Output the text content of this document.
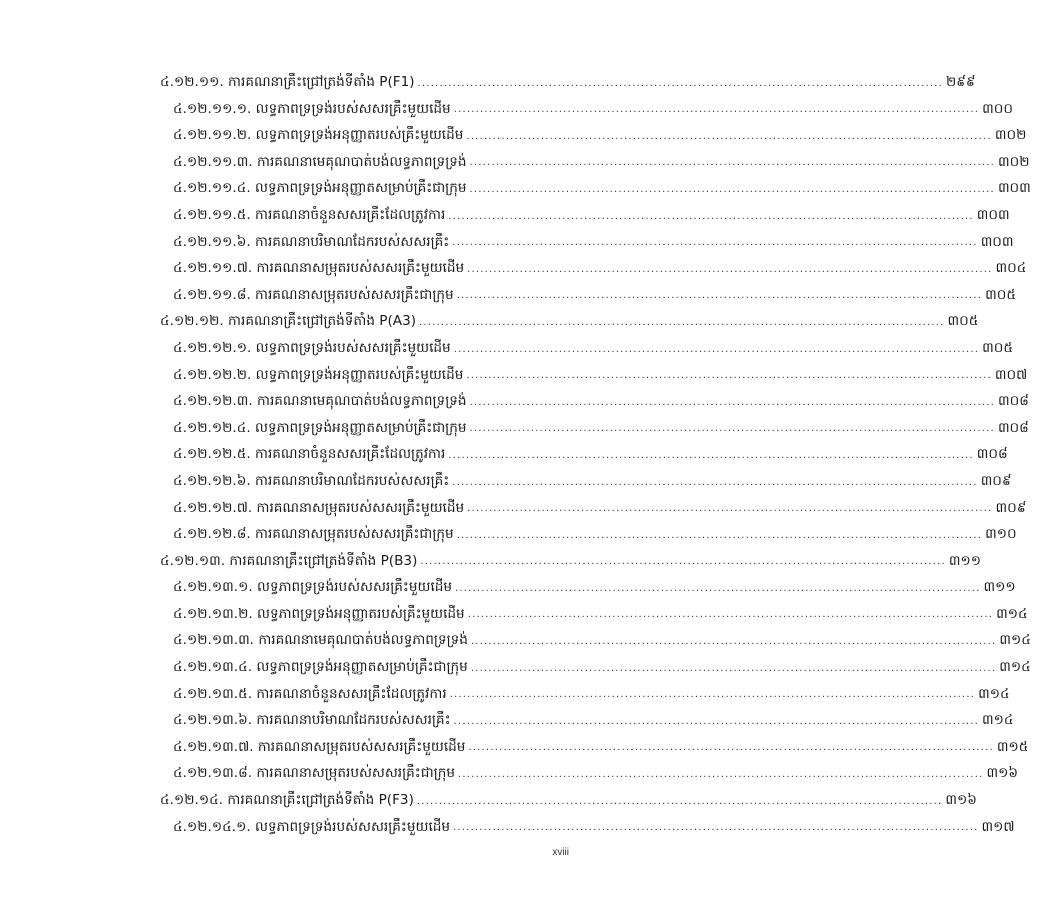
៤.១២.១១. ការគណនាគ្រឹះជ្រៅត្រង់ទីតាំង P(F1) ........................................................................................................................ ២៩៩
៤.១២.១១.១. លទ្ធភាពទ្រទ្រង់របស់សសរគ្រឹះមួយដើម ........................................................................................................................ ៣០០
៤.១២.១១.២. លទ្ធភាពទ្រទ្រង់អនុញ្ញាតរបស់គ្រឹះមួយដើម ........................................................................................................................ ៣០២
៤.១២.១១.៣. ការគណនាមេគុណបាត់បង់លទ្ធភាពទ្រទ្រង់ ........................................................................................................................ ៣០២
៤.១២.១១.៤. លទ្ធភាពទ្រទ្រង់អនុញ្ញាតសម្រាប់គ្រឹះជាក្រុម ........................................................................................................................ ៣០៣
៤.១២.១១.៥. ការគណនាចំនួនសសរគ្រឹះដែលត្រូវការ ........................................................................................................................ ៣០៣
៤.១២.១១.៦. ការគណនាបរិមាណដែករបស់សសរគ្រឹះ ........................................................................................................................ ៣០៣
៤.១២.១១.៧. ការគណនាសម្រុតរបស់សសរគ្រឹះមួយដើម ........................................................................................................................ ៣០៤
៤.១២.១១.៨. ការគណនាសម្រុតរបស់សសរគ្រឹះជាក្រុម ........................................................................................................................ ៣០៥
៤.១២.១២. ការគណនាគ្រឹះជ្រៅត្រង់ទីតាំង P(A3) ........................................................................................................................ ៣០៥
៤.១២.១២.១. លទ្ធភាពទ្រទ្រង់របស់សសរគ្រឹះមួយដើម ........................................................................................................................ ៣០៥
៤.១២.១២.២. លទ្ធភាពទ្រទ្រង់អនុញ្ញាតរបស់គ្រឹះមួយដើម ........................................................................................................................ ៣០៧
៤.១២.១២.៣. ការគណនាមេគុណបាត់បង់លទ្ធភាពទ្រទ្រង់ ........................................................................................................................ ៣០៨
៤.១២.១២.៤. លទ្ធភាពទ្រទ្រង់អនុញ្ញាតសម្រាប់គ្រឹះជាក្រុម ........................................................................................................................ ៣០៨
៤.១២.១២.៥. ការគណនាចំនួនសសរគ្រឹះដែលត្រូវការ ........................................................................................................................ ៣០៨
៤.១២.១២.៦. ការគណនាបរិមាណដែករបស់សសរគ្រឹះ ........................................................................................................................ ៣០៩
៤.១២.១២.៧. ការគណនាសម្រុតរបស់សសរគ្រឹះមួយដើម ........................................................................................................................ ៣០៩
៤.១២.១២.៨. ការគណនាសម្រុតរបស់សសរគ្រឹះជាក្រុម ........................................................................................................................ ៣១០
៤.១២.១៣. ការគណនាគ្រឹះជ្រៅត្រង់ទីតាំង P(B3) ........................................................................................................................ ៣១១
៤.១២.១៣.១. លទ្ធភាពទ្រទ្រង់របស់សសរគ្រឹះមួយដើម ........................................................................................................................ ៣១១
៤.១២.១៣.២. លទ្ធភាពទ្រទ្រង់អនុញ្ញាតរបស់គ្រឹះមួយដើម ........................................................................................................................ ៣១៤
៤.១២.១៣.៣. ការគណនាមេគុណបាត់បង់លទ្ធភាពទ្រទ្រង់ ........................................................................................................................ ៣១៤
៤.១២.១៣.៤. លទ្ធភាពទ្រទ្រង់អនុញ្ញាតសម្រាប់គ្រឹះជាក្រុម ........................................................................................................................ ៣១៤
៤.១២.១៣.៥. ការគណនាចំនួនសសរគ្រឹះដែលត្រូវការ ........................................................................................................................ ៣១៤
៤.១២.១៣.៦. ការគណនាបរិមាណដែករបស់សសរគ្រឹះ ........................................................................................................................ ៣១៤
៤.១២.១៣.៧. ការគណនាសម្រុតរបស់សសរគ្រឹះមួយដើម ........................................................................................................................ ៣១៥
៤.១២.១៣.៨. ការគណនាសម្រុតរបស់សសរគ្រឹះជាក្រុម ........................................................................................................................ ៣១៦
៤.១២.១៤. ការគណនាគ្រឹះជ្រៅត្រង់ទីតាំង P(F3) ........................................................................................................................ ៣១៦
៤.១២.១៤.១. លទ្ធភាពទ្រទ្រង់របស់សសរគ្រឹះមួយដើម ........................................................................................................................ ៣១៧
xviii
